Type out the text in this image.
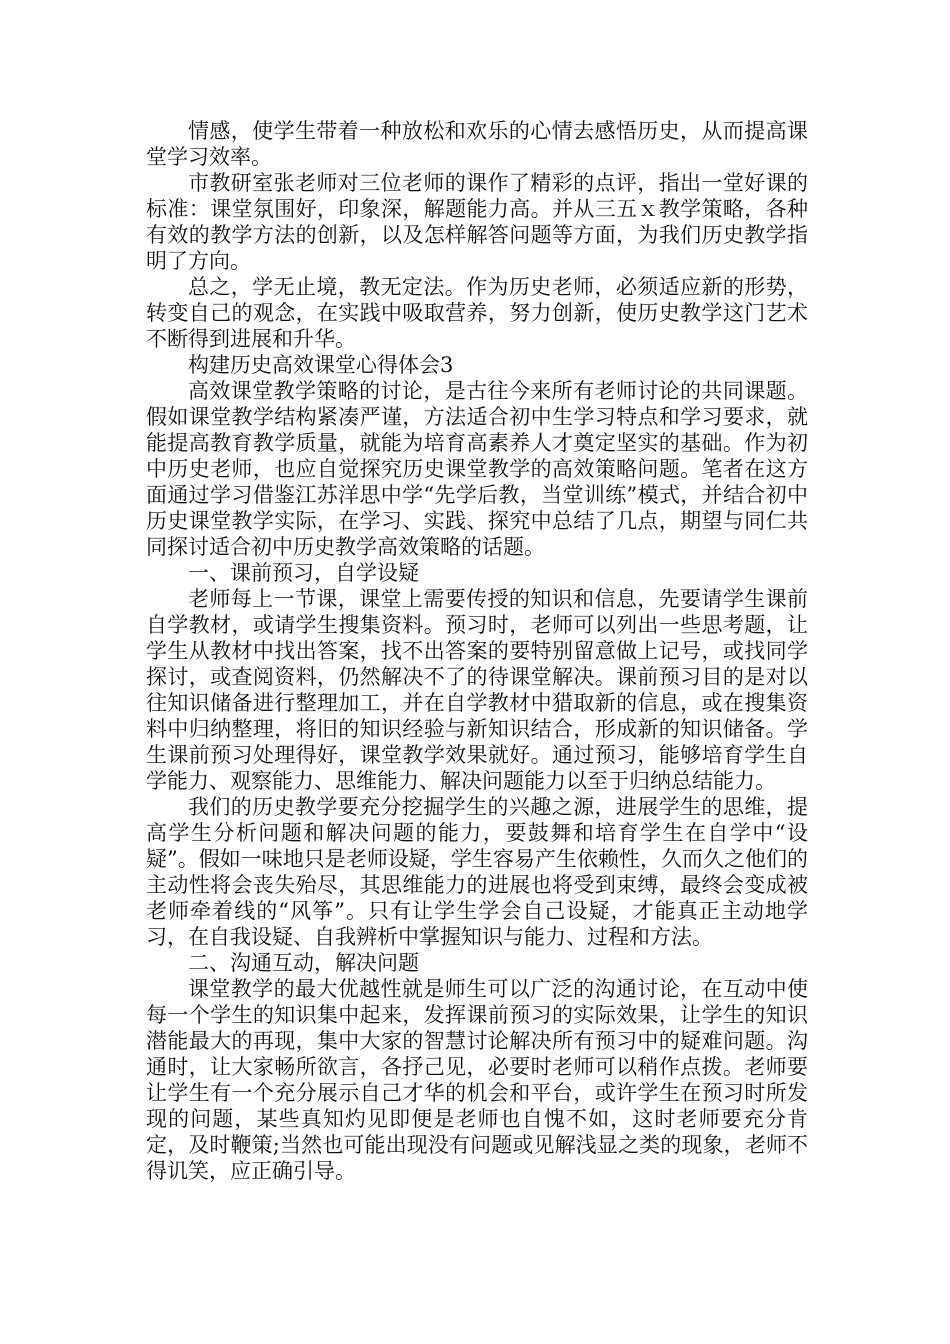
情感，使学生带着一种放松和欢乐的心情去感悟历史，从而提高课堂学习效率。

市教研室张老师对三位老师的课作了精彩的点评，指出一堂好课的标准：课堂氛围好，印象深，解题能力高。并从三五ｘ教学策略，各种有效的教学方法的创新，以及怎样解答问题等方面，为我们历史教学指明了方向。

总之，学无止境，教无定法。作为历史老师，必须适应新的形势，转变自己的观念，在实践中吸取营养，努力创新，使历史教学这门艺术不断得到进展和升华。

构建历史高效课堂心得体会3

高效课堂教学策略的讨论，是古往今来所有老师讨论的共同课题。假如课堂教学结构紧凑严谨，方法适合初中生学习特点和学习要求，就能提高教育教学质量，就能为培育高素养人才奠定坚实的基础。作为初中历史老师，也应自觉探究历史课堂教学的高效策略问题。笔者在这方面通过学习借鉴江苏洋思中学“先学后教，当堂训练”模式，并结合初中历史课堂教学实际，在学习、实践、探究中总结了几点，期望与同仁共同探讨适合初中历史教学高效策略的话题。

一、课前预习，自学设疑

老师每上一节课，课堂上需要传授的知识和信息，先要请学生课前自学教材，或请学生搜集资料。预习时，老师可以列出一些思考题，让学生从教材中找出答案，找不出答案的要特别留意做上记号，或找同学探讨，或查阅资料，仍然解决不了的待课堂解决。课前预习目的是对以往知识储备进行整理加工，并在自学教材中猎取新的信息，或在搜集资料中归纳整理，将旧的知识经验与新知识结合，形成新的知识储备。学生课前预习处理得好，课堂教学效果就好。通过预习，能够培育学生自学能力、观察能力、思维能力、解决问题能力以至于归纳总结能力。

我们的历史教学要充分挖掘学生的兴趣之源，进展学生的思维，提高学生分析问题和解决问题的能力，要鼓舞和培育学生在自学中“设疑”。假如一味地只是老师设疑，学生容易产生依赖性，久而久之他们的主动性将会丧失殆尽，其思维能力的进展也将受到束缚，最终会变成被老师牵着线的“风筝”。只有让学生学会自己设疑，才能真正主动地学习，在自我设疑、自我辨析中掌握知识与能力、过程和方法。

二、沟通互动，解决问题

课堂教学的最大优越性就是师生可以广泛的沟通讨论，在互动中使每一个学生的知识集中起来，发挥课前预习的实际效果，让学生的知识潜能最大的再现，集中大家的智慧讨论解决所有预习中的疑难问题。沟通时，让大家畅所欲言，各抒己见，必要时老师可以稍作点拨。老师要让学生有一个充分展示自己才华的机会和平台，或许学生在预习时所发现的问题，某些真知灼见即便是老师也自愧不如，这时老师要充分肯定，及时鞭策;当然也可能出现没有问题或见解浅显之类的现象，老师不得讥笑，应正确引导。
